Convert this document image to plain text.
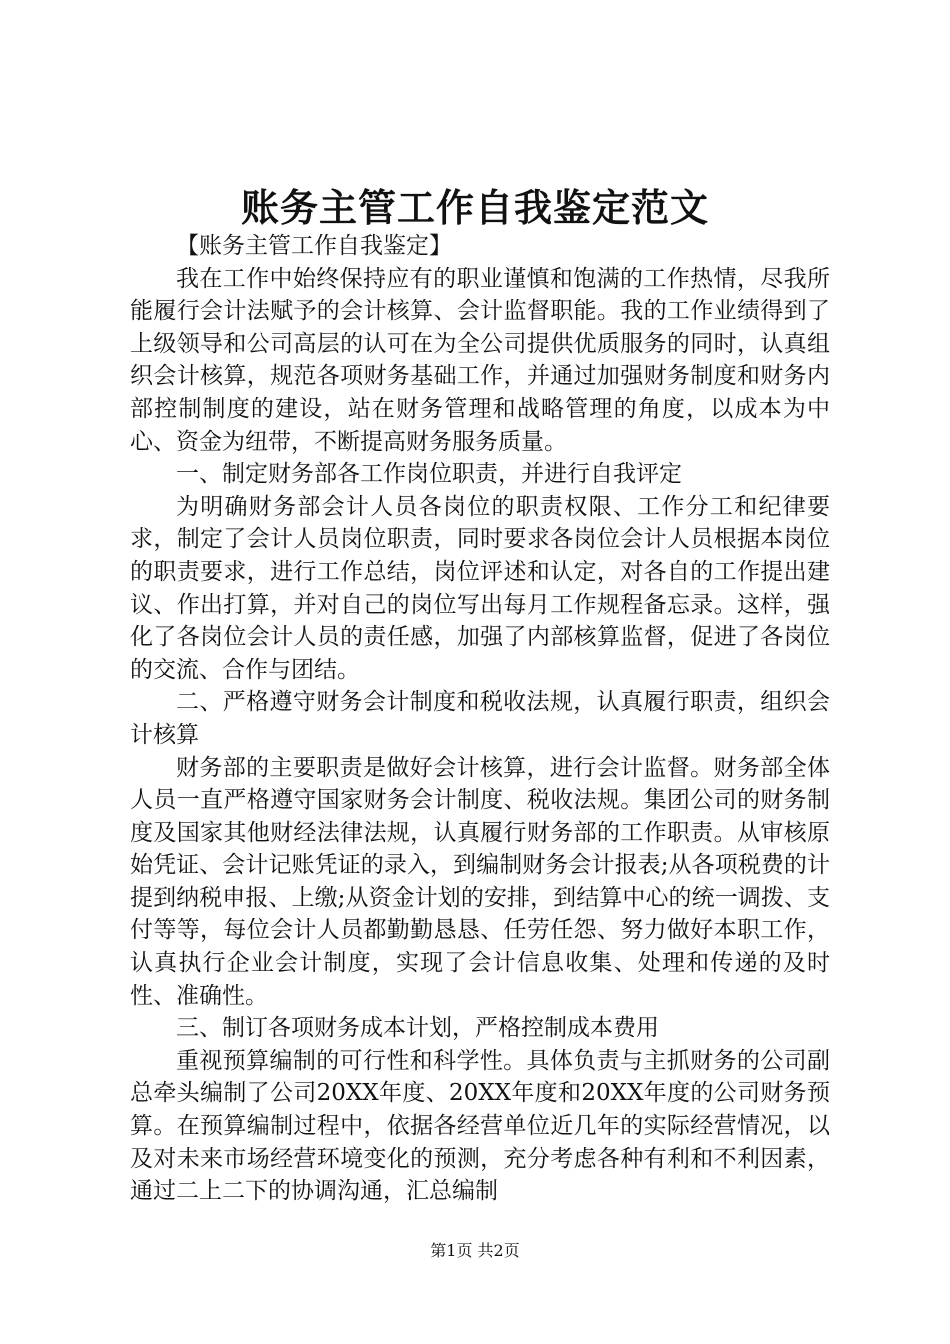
账务主管工作自我鉴定范文

【账务主管工作自我鉴定】

我在工作中始终保持应有的职业谨慎和饱满的工作热情，尽我所能履行会计法赋予的会计核算、会计监督职能。我的工作业绩得到了上级领导和公司高层的认可在为全公司提供优质服务的同时，认真组织会计核算，规范各项财务基础工作，并通过加强财务制度和财务内部控制制度的建设，站在财务管理和战略管理的角度，以成本为中心、资金为纽带，不断提高财务服务质量。

一、制定财务部各工作岗位职责，并进行自我评定

为明确财务部会计人员各岗位的职责权限、工作分工和纪律要求，制定了会计人员岗位职责，同时要求各岗位会计人员根据本岗位的职责要求，进行工作总结，岗位评述和认定，对各自的工作提出建议、作出打算，并对自己的岗位写出每月工作规程备忘录。这样，强化了各岗位会计人员的责任感，加强了内部核算监督，促进了各岗位的交流、合作与团结。

二、严格遵守财务会计制度和税收法规，认真履行职责，组织会计核算

财务部的主要职责是做好会计核算，进行会计监督。财务部全体人员一直严格遵守国家财务会计制度、税收法规。集团公司的财务制度及国家其他财经法律法规，认真履行财务部的工作职责。从审核原始凭证、会计记账凭证的录入，到编制财务会计报表;从各项税费的计提到纳税申报、上缴;从资金计划的安排，到结算中心的统一调拨、支付等等，每位会计人员都勤勤恳恳、任劳任怨、努力做好本职工作，认真执行企业会计制度，实现了会计信息收集、处理和传递的及时性、准确性。

三、制订各项财务成本计划，严格控制成本费用

重视预算编制的可行性和科学性。具体负责与主抓财务的公司副总牵头编制了公司20XX年度、20XX年度和20XX年度的公司财务预算。在预算编制过程中，依据各经营单位近几年的实际经营情况，以及对未来市场经营环境变化的预测，充分考虑各种有利和不利因素，通过二上二下的协调沟通，汇总编制

第1页 共2页
